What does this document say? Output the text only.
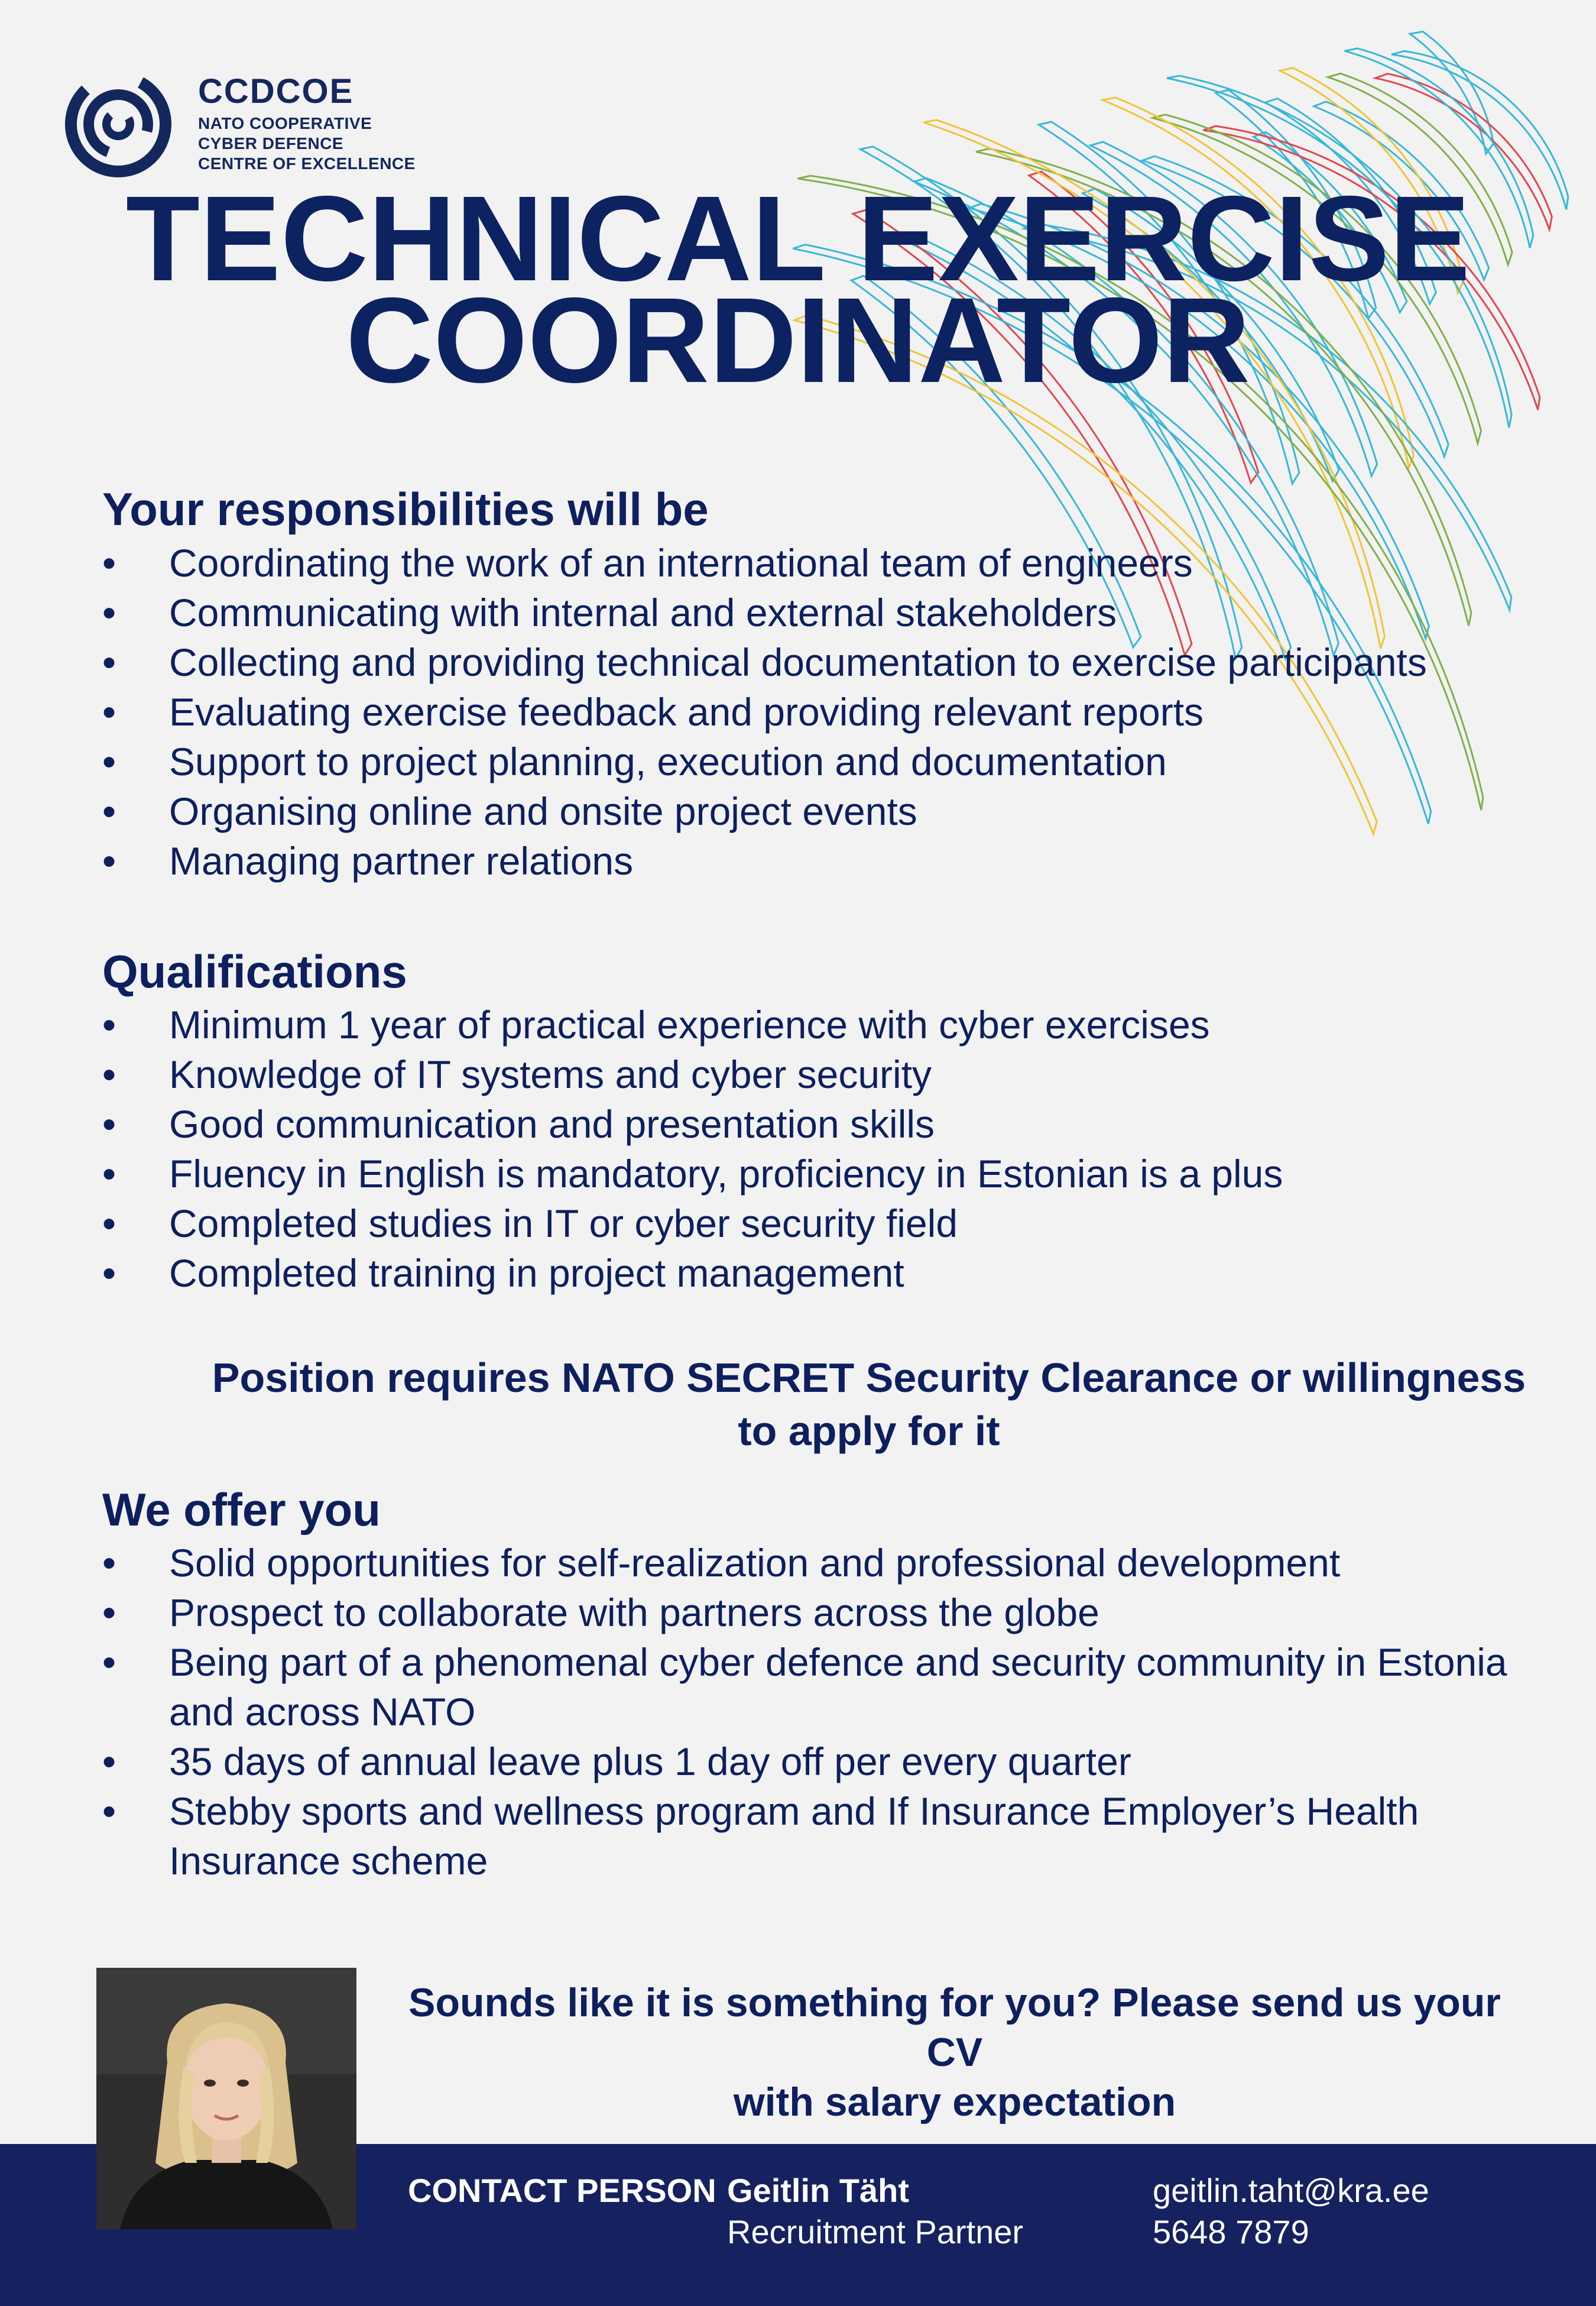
CCDCOE
NATO COOPERATIVE
CYBER DEFENCE
CENTRE OF EXCELLENCE
TECHNICAL EXERCISE
COORDINATOR
Your responsibilities will be
• Coordinating the work of an international team of engineers
• Communicating with internal and external stakeholders
• Collecting and providing technical documentation to exercise participants
• Evaluating exercise feedback and providing relevant reports
• Support to project planning, execution and documentation
• Organising online and onsite project events
• Managing partner relations
Qualifications
• Minimum 1 year of practical experience with cyber exercises
• Knowledge of IT systems and cyber security
• Good communication and presentation skills
• Fluency in English is mandatory, proficiency in Estonian is a plus
• Completed studies in IT or cyber security field
• Completed training in project management
Position requires NATO SECRET Security Clearance or willingness
to apply for it
We offer you
• Solid opportunities for self-realization and professional development
• Prospect to collaborate with partners across the globe
• Being part of a phenomenal cyber defence and security community in Estonia and across NATO
• 35 days of annual leave plus 1 day off per every quarter
• Stebby sports and wellness program and If Insurance Employer’s Health Insurance scheme
Sounds like it is something for you? Please send us your CV
with salary expectation
CONTACT PERSON Geitlin Täht
Recruitment Partner
geitlin.taht@kra.ee
5648 7879
